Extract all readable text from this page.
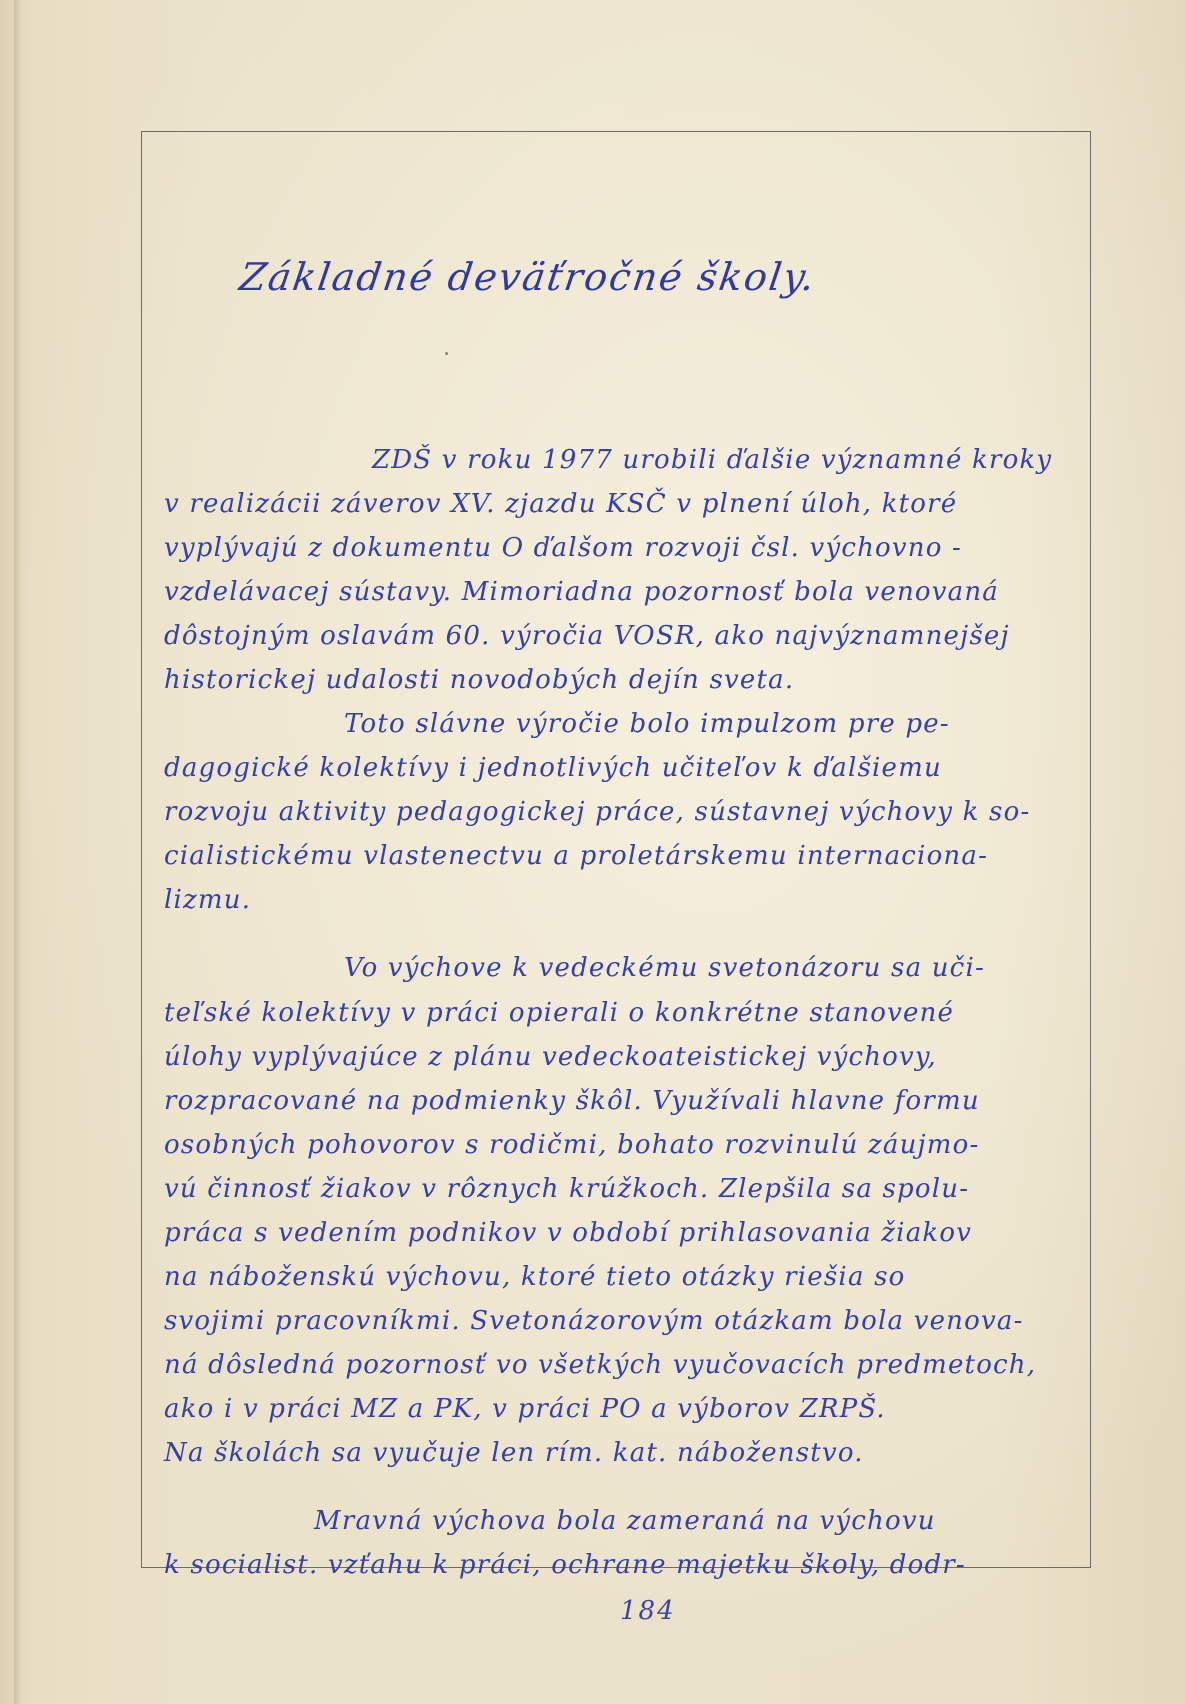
Základné deväťročné školy.
ZDŠ v roku 1977 urobili ďalšie významné kroky
v realizácii záverov XV. zjazdu KSČ v plnení úloh, ktoré
vyplývajú z dokumentu O ďalšom rozvoji čsl. výchovno -
vzdelávacej sústavy. Mimoriadna pozornosť bola venovaná
dôstojným oslavám 60. výročia VOSR, ako najvýznamnejšej
historickej udalosti novodobých dejín sveta.
Toto slávne výročie bolo impulzom pre pe-
dagogické kolektívy i jednotlivých učiteľov k ďalšiemu
rozvoju aktivity pedagogickej práce, sústavnej výchovy k so-
cialistickému vlastenectvu a proletárskemu internaciona-
lizmu.
Vo výchove k vedeckému svetonázoru sa uči-
teľské kolektívy v práci opierali o konkrétne stanovené
úlohy vyplývajúce z plánu vedeckoateistickej výchovy,
rozpracované na podmienky škôl. Využívali hlavne formu
osobných pohovorov s rodičmi, bohato rozvinulú záujmo-
vú činnosť žiakov v rôznych krúžkoch. Zlepšila sa spolu-
práca s vedením podnikov v období prihlasovania žiakov
na náboženskú výchovu, ktoré tieto otázky riešia so
svojimi pracovníkmi. Svetonázorovým otázkam bola venova-
ná dôsledná pozornosť vo všetkých vyučovacích predmetoch,
ako i v práci MZ a PK, v práci PO a výborov ZRPŠ.
Na školách sa vyučuje len rím. kat. náboženstvo.
Mravná výchova bola zameraná na výchovu
k socialist. vzťahu k práci, ochrane majetku školy, dodr-
184
